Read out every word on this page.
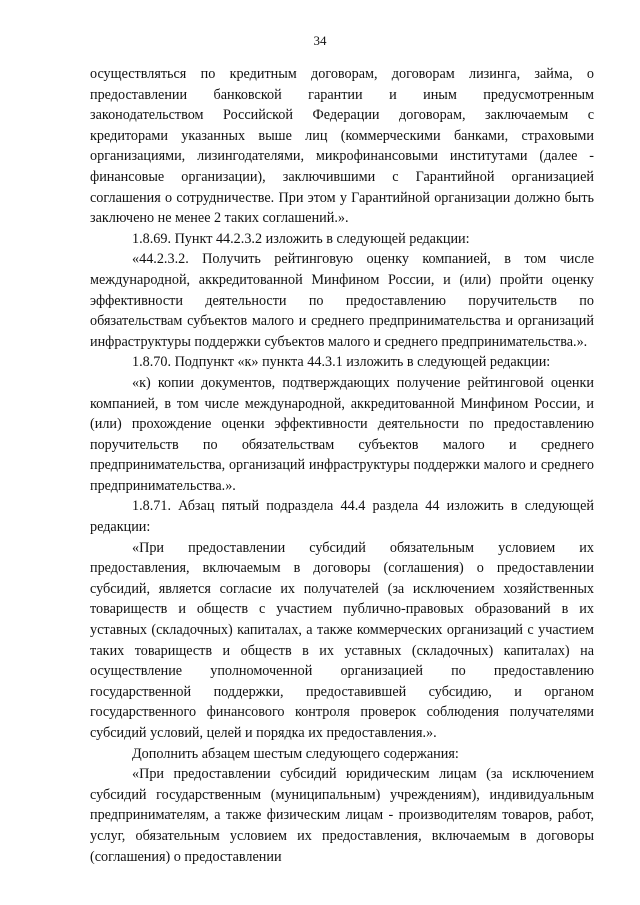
34

осуществляться по кредитным договорам, договорам лизинга, займа, о предоставлении банковской гарантии и иным предусмотренным законодательством Российской Федерации договорам, заключаемым с кредиторами указанных выше лиц (коммерческими банками, страховыми организациями, лизингодателями, микрофинансовыми институтами (далее - финансовые организации), заключившими с Гарантийной организацией соглашения о сотрудничестве. При этом у Гарантийной организации должно быть заключено не менее 2 таких соглашений.».

1.8.69. Пункт 44.2.3.2 изложить в следующей редакции:

«44.2.3.2. Получить рейтинговую оценку компанией, в том числе международной, аккредитованной Минфином России, и (или) пройти оценку эффективности деятельности по предоставлению поручительств по обязательствам субъектов малого и среднего предпринимательства и организаций инфраструктуры поддержки субъектов малого и среднего предпринимательства.».

1.8.70. Подпункт «к» пункта 44.3.1 изложить в следующей редакции:

«к) копии документов, подтверждающих получение рейтинговой оценки компанией, в том числе международной, аккредитованной Минфином России, и (или) прохождение оценки эффективности деятельности по предоставлению поручительств по обязательствам субъектов малого и среднего предпринимательства, организаций инфраструктуры поддержки малого и среднего предпринимательства.».

1.8.71. Абзац пятый подраздела 44.4 раздела 44 изложить в следующей редакции:

«При предоставлении субсидий обязательным условием их предоставления, включаемым в договоры (соглашения) о предоставлении субсидий, является согласие их получателей (за исключением хозяйственных товариществ и обществ с участием публично-правовых образований в их уставных (складочных) капиталах, а также коммерческих организаций с участием таких товариществ и обществ в их уставных (складочных) капиталах) на осуществление уполномоченной организацией по предоставлению государственной поддержки, предоставившей субсидию, и органом государственного финансового контроля проверок соблюдения получателями субсидий условий, целей и порядка их предоставления.».

Дополнить абзацем шестым следующего содержания:

«При предоставлении субсидий юридическим лицам (за исключением субсидий государственным (муниципальным) учреждениям), индивидуальным предпринимателям, а также физическим лицам - производителям товаров, работ, услуг, обязательным условием их предоставления, включаемым в договоры (соглашения) о предоставлении
